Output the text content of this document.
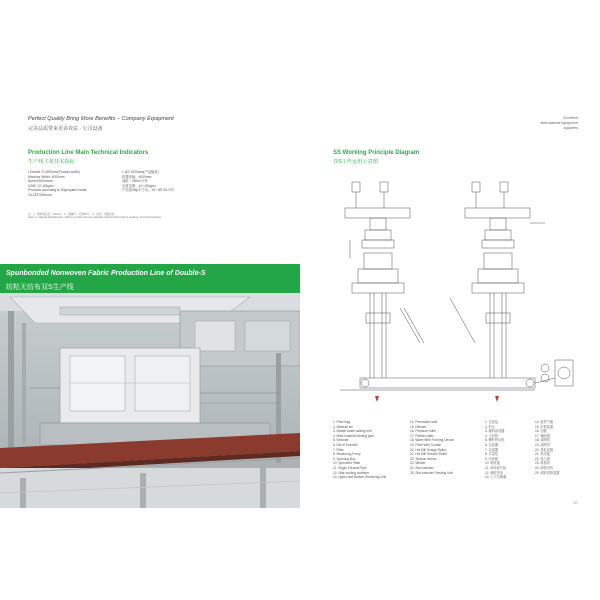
Perfect Quality Bring More Benefits – Company Equipment
完美品质带来更多效益 · 公司设备
Excellent
international equipment
suppliers
Production Line Main Technical Indicators
生产线主要技术指标
• Double-S 3200mm(Product width)
Machine Width: 4000mm
Speed:300m/min
GSM: 12-150g/m²
Products according to 30g/square meter
16-18T/24Hours
• 双S 3200mm(产品幅宽)
机器宽幅：4000mm
速度：300m/分钟
克重范围：12~150g/m²
产品按30g/平方米，15~18T/24小时
注：1、喂料架系统：120mm；2、原辅料：可用PP片；3、加热：热辊加热
Note: 1. material and diameter: 120mm 2. Raw and raw materials only/recycled chips 3. Heating: thermal oil heating
Spunbonded Nonwoven Fabric Production Line of Double-S
纺粘无纺布双S生产线
SS Working Principle Diagram
双S工作运用示意图
1. Filter bag
2. Material bin
3. Master batch adding unit
4. Main material feeding pipe
5. Extruder
6. Dirt of Extruder
7. Filter
8. Measuring Pump
9. Spinning Box
10. Spinneret Plate
11. Single Exhaust Pipe
12. Side-cooling chamber
13. Upper and Bottom Stretching Unit
14. Pneumatic seal
15. Diffuser
16. Pressure roller
17. Rubber roller
18. Wave Web Forming Device
19. Fibre Web Curtain
20. Hot Mill Design Roller
21. Hot Mill Smooth Roller
22. Tension device
23. Winder
24. Sub-extruder
25. Sub-extruder Feeding Unit
1. 过滤袋
2. 料仓
3. 辅料添加器
4. 主料管
5. 螺杆挤出机
6. 过滤器
7. 过滤器
8. 计量泵
9. 纺丝箱
10. 喷丝板
11. 单体抽气装
12. 侧吹风室
13. 上下拉伸器
14. 组件气塞
15. 扩散装置
16. 压辊
17. 橡胶辊
18. 成网机
19. 成网帘
20. 热轧花辊
21. 热光辊
22. 张力架
23. 收卷机
24. 副挤出机
25. 副料供给装置
07
